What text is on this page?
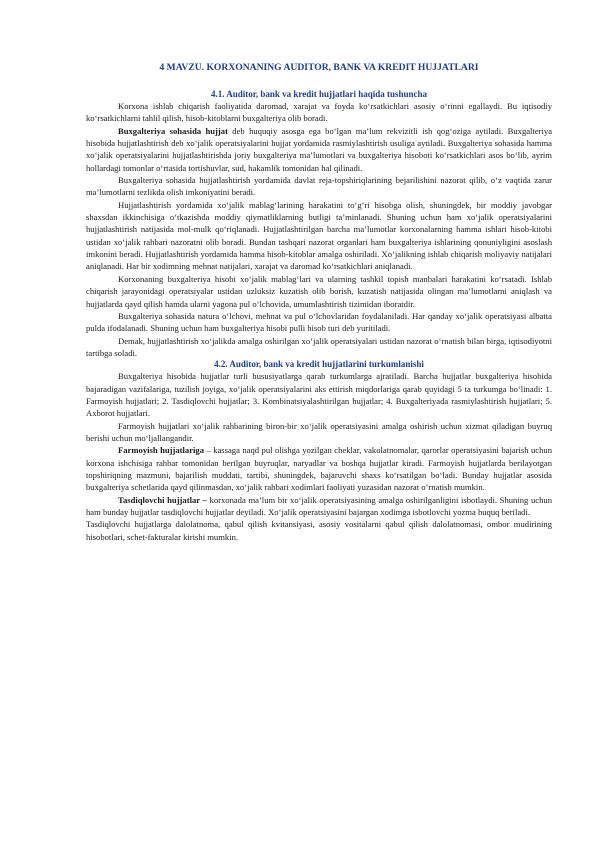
4 MAVZU. KORXONANING AUDITOR, BANK VA KREDIT HUJJATLARI
4.1. Auditor, bank va kredit hujjatlari haqida tushuncha

Korxona ishlab chiqarish faoliyatida daromad, xarajat va foyda ko‘rsatkichlari asosiy o‘rinni egallaydi. Bu iqtisodiy ko‘rsatkichlarni tahlil qilish, hisob-kitoblarni buxgalteriya olib boradi.

Buxgalteriya sohasida hujjat deb huquqiy asosga ega bo‘lgan ma’lum rekvizitli ish qog‘oziga aytiladi. Buxgalteriya hisobida hujjatlashtirish deb xo‘jalik operatsiyalarini hujjat yordamida rasmiylashtirish usuliga aytiladi. Buxgalteriya sohasida hamma xo‘jalik operatsiyalarini hujjatlashtirishda joriy buxgalteriya ma’lumotlari va buxgalteriya hisoboti ko‘rsatkichlari asos bo‘lib, ayrim hollardagi tomonlar o‘rtasida tortishuvlar, sud, hakamlik tomonidan hal qilinadi.

Buxgalteriya sohasida hujjatlashtirish yordamida davlat reja-topshiriqlarining bejarilishini nazorat qilib, o‘z vaqtida zarur ma’lumotlarni tezlikda olish imkoniyatini beradi.

Hujjatlashtirish yordamida xo‘jalik mablag‘larining harakatini to‘g‘ri hisobga olish, shuningdek, bir moddiy javobgar shaxsdan ikkinchisiga o‘tkazishda moddiy qiymatliklarning butligi ta’minlanadi. Shuning uchun ham xo‘jalik operatsiyalarini hujjatlashtirish natijasida mol-mulk qo‘riqlanadi. Hujjatlashtirilgan barcha ma’lumotlar korxonalarning hamma ishlari hisob-kitobi ustidan xo‘jalik rahbari nazoratni olib boradi. Bundan tashqari nazorat organlari ham buxgalteriya ishlarining qonuniyligini asoslash imkonini beradi. Hujjatlashtirish yordamida hamma hisob-kitoblar amalga oshiriladi. Xo‘jalikning ishlab chiqarish moliyaviy natijalari aniqlanadi. Har bir xodimning mehnat natijalari, xarajat va daromad ko‘rsatkichlari aniqlanadi.

Korxonaning buxgalteriya hisobi xo‘jalik mablag‘lari va ularning tashkil topish manbalari harakatini ko‘rsatadi. Ishlab chiqarish jarayonidagi operatsiyalar ustidan uzluksiz kuzatish olib borish, kuzatish natijasida olingan ma’lumotlarni aniqlash va hujjatlarda qayd qilish hamda ularni yagona pul o‘lchovida, umumlashtirish tizimidan iboratdir.

Buxgalteriya sohasida natura o‘lchovi, mehnat va pul o‘lchovlaridan foydalaniladi. Har qanday xo‘jalik operatsiyasi albatta pulda ifodalanadi. Shuning uchun ham buxgalteriya hisobi pulli hisob turi deb yuritiladi.

Demak, hujjatlashtirish xo‘jalikda amalga oshirilgan xo‘jalik operatsiyalari ustidan nazorat o‘rnatish bilan birga, iqtisodiyotni tartibga soladi.

4.2. Auditor, bank va kredit hujjatlarini turkumlanishi

Buxgalteriya hisobida hujjatlar turli hususiyatlarga qarab turkumlarga ajratiladi. Barcha hujjatlar buxgalteriya hisobida bajaradigan vazifalariga, tuzilish joyiga, xo‘jalik operatsiyalarini aks ettirish miqdorlariga qarab quyidagi 5 ta turkumga bo‘linadi: 1. Farmoyish hujjatlari; 2. Tasdiqlovchi hujjatlar; 3. Kombinatsiyalashtirilgan hujjatlar; 4. Buxgalteriyada rasmiylashtirish hujjatlari; 5. Axborot hujjatlari.

Farmoyish hujjatlari xo‘jalik rahbarining biron-bir xo‘jalik operatsiyasini amalga oshirish uchun xizmat qiladigan buyruq berishi uchun mo‘ljallangandir.

Farmoyish hujjatlariga – kassaga naqd pul olishga yozilgan cheklar, vakolatnomalar, qarorlar operatsiyasini bajarish uchun korxona ishchisiga rahbar tomonidan berilgan buyruqlar, naryadlar va boshqa hujjatlar kiradi. Farmoyish hujjatlarda berilayotgan topshiriqning mazmuni, bajarilish muddati, tartibi, shuningdek, bajaruvchi shaxs ko‘rsatilgan bo‘ladi. Bunday hujjatlar asosida buxgalteriya schetlarida qayd qilinmasdan, xo‘jalik rahbari xodimlari faoliyati yuzasidan nazorat o‘rnatish mumkin.

Tasdiqlovchi hujjatlar – korxonada ma’lum bir xo‘jalik operatsiyasining amalga oshirilganligini isbotlaydi. Shuning uchun ham bunday hujjatlar tasdiqlovchi hujjatlar deyiladi. Xo‘jalik operatsiyasini bajargan xodimga isbotlovchi yozma huquq beriladi.

Tasdiqlovchi hujjatlarga dalolatnoma, qabul qilish kvitansiyasi, asosiy vositalarni qabul qilish dalolatnomasi, ombor mudirining hisobotlari, schet-fakturalar kirishi mumkin.
